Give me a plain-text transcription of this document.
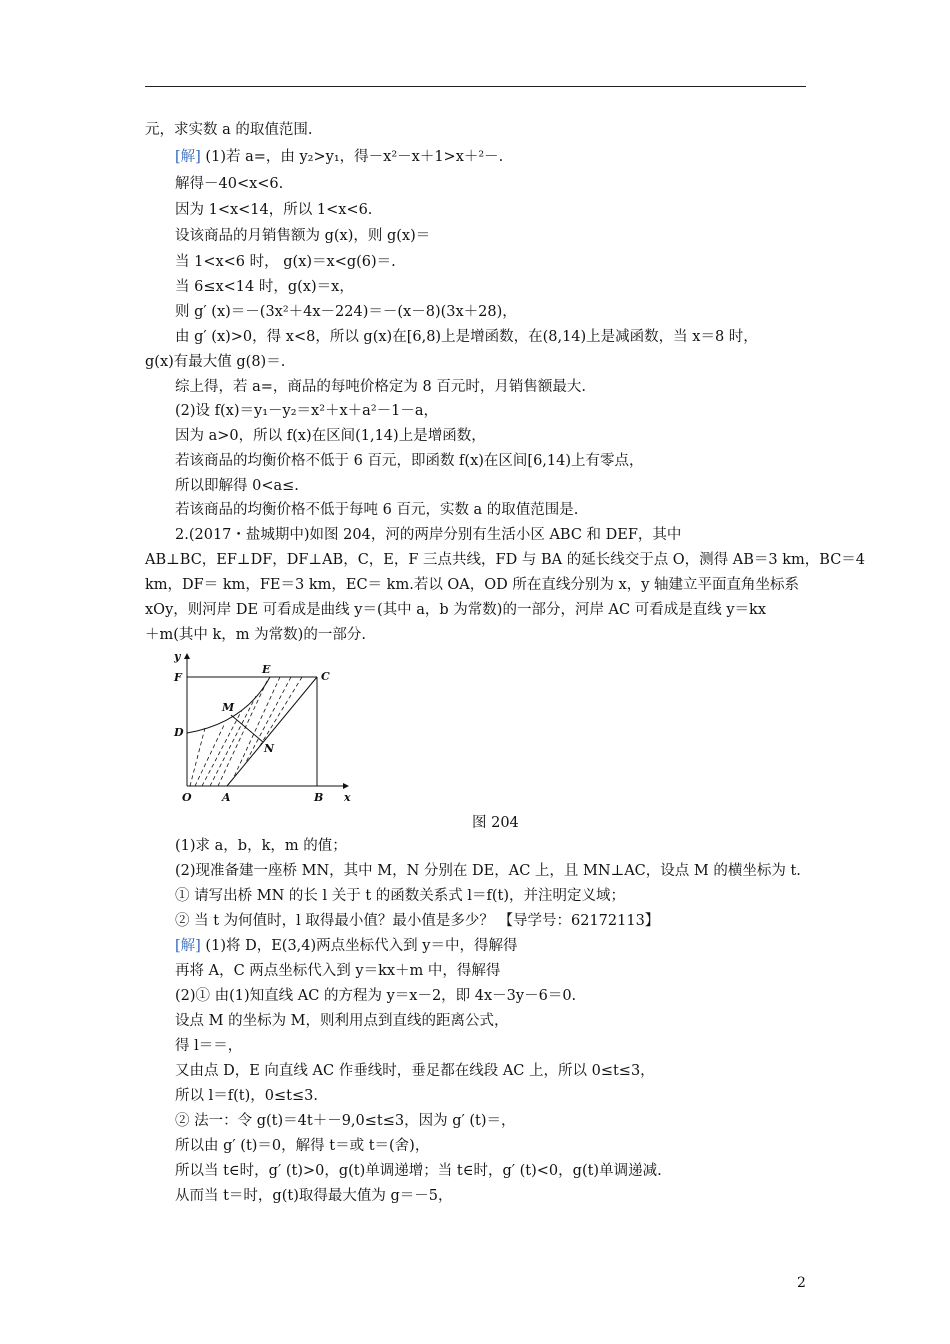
元，求实数 a 的取值范围.
[解] (1)若 a=，由 y₂>y₁，得－x²－x＋1>x＋²－.
解得－40<x<6.
因为 1<x<14，所以 1<x<6.
设该商品的月销售额为 g(x)，则 g(x)＝
当 1<x<6 时， g(x)＝x<g(6)＝.
当 6≤x<14 时，g(x)＝x，
则 g′ (x)＝－(3x²＋4x－224)＝－(x－8)(3x＋28)，
由 g′ (x)>0，得 x<8，所以 g(x)在[6,8)上是增函数，在(8,14)上是减函数，当 x＝8 时，
g(x)有最大值 g(8)＝.
综上得，若 a=，商品的每吨价格定为 8 百元时，月销售额最大.
(2)设 f(x)＝y₁－y₂＝x²＋x＋a²－1－a，
因为 a>0，所以 f(x)在区间(1,14)上是增函数，
若该商品的均衡价格不低于 6 百元，即函数 f(x)在区间[6,14)上有零点，
所以即解得 0<a≤.
若该商品的均衡价格不低于每吨 6 百元，实数 a 的取值范围是.
2.(2017・盐城期中)如图 204，河的两岸分别有生活小区 ABC 和 DEF，其中
AB⊥BC，EF⊥DF，DF⊥AB，C，E，F 三点共线，FD 与 BA 的延长线交于点 O，测得 AB＝3 km，BC＝4
km，DF＝ km，FE＝3 km，EC＝ km.若以 OA，OD 所在直线分别为 x，y 轴建立平面直角坐标系
xOy，则河岸 DE 可看成是曲线 y＝(其中 a，b 为常数)的一部分，河岸 AC 可看成是直线 y＝kx
＋m(其中 k，m 为常数)的一部分.
y
F
E
C
M
D
N
O	A	B x
图 204
(1)求 a，b，k，m 的值；
(2)现准备建一座桥 MN，其中 M，N 分别在 DE，AC 上，且 MN⊥AC，设点 M 的横坐标为 t.
① 请写出桥 MN 的长 l 关于 t 的函数关系式 l＝f(t)，并注明定义域；
② 当 t 为何值时，l 取得最小值？最小值是多少？ 【导学号：62172113】
[解] (1)将 D，E(3,4)两点坐标代入到 y＝中，得解得
再将 A，C 两点坐标代入到 y＝kx＋m 中，得解得
(2)① 由(1)知直线 AC 的方程为 y＝x－2，即 4x－3y－6＝0.
设点 M 的坐标为 M，则利用点到直线的距离公式，
得 l＝＝，
又由点 D，E 向直线 AC 作垂线时，垂足都在线段 AC 上，所以 0≤t≤3，
所以 l＝f(t)，0≤t≤3.
② 法一：令 g(t)＝4t＋－9,0≤t≤3，因为 g′ (t)＝，
所以由 g′ (t)＝0，解得 t＝或 t＝(舍)，
所以当 t∈时，g′ (t)>0，g(t)单调递增；当 t∈时，g′ (t)<0，g(t)单调递减.
从而当 t＝时，g(t)取得最大值为 g＝－5，
2
